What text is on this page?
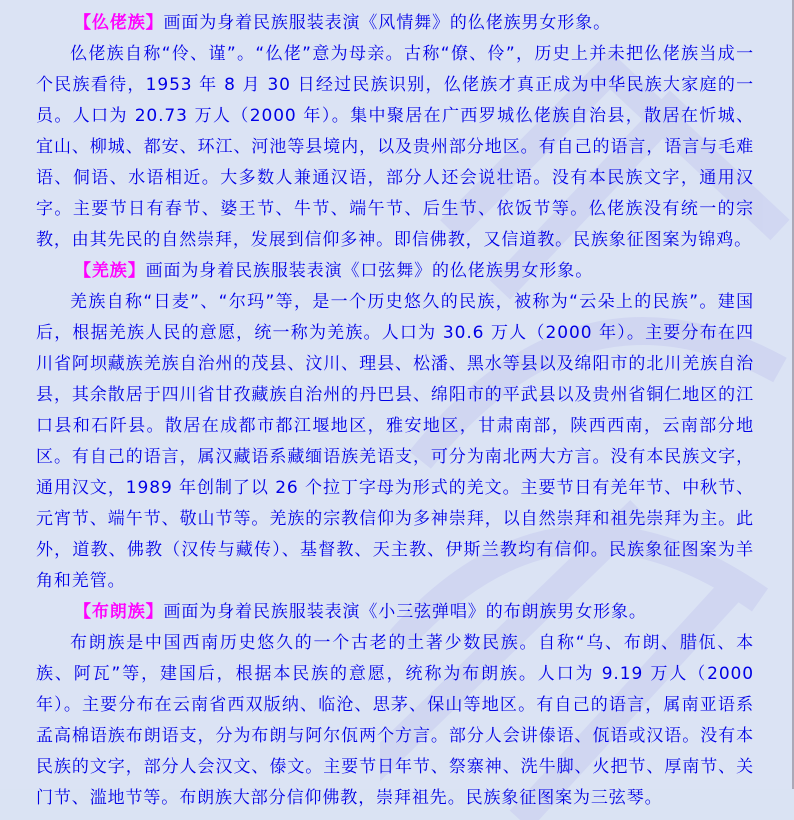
【仫佬族】画面为身着民族服装表演《风情舞》的仫佬族男女形象。

仫佬族自称“伶、谨”。“仫佬”意为母亲。古称“僚、伶”，历史上并未把仫佬族当成一个民族看待，1953 年 8 月 30 日经过民族识别，仫佬族才真正成为中华民族大家庭的一员。人口为 20.73 万人（2000 年）。集中聚居在广西罗城仫佬族自治县，散居在忻城、宜山、柳城、都安、环江、河池等县境内，以及贵州部分地区。有自己的语言，语言与毛难语、侗语、水语相近。大多数人兼通汉语，部分人还会说壮语。没有本民族文字，通用汉字。主要节日有春节、婆王节、牛节、端午节、后生节、依饭节等。仫佬族没有统一的宗教，由其先民的自然崇拜，发展到信仰多神。即信佛教，又信道教。民族象征图案为锦鸡。

【羌族】画面为身着民族服装表演《口弦舞》的仫佬族男女形象。

羌族自称“日麦”、“尔玛”等，是一个历史悠久的民族，被称为“云朵上的民族”。建国后，根据羌族人民的意愿，统一称为羌族。人口为 30.6 万人（2000 年）。主要分布在四川省阿坝藏族羌族自治州的茂县、汶川、理县、松潘、黑水等县以及绵阳市的北川羌族自治县，其余散居于四川省甘孜藏族自治州的丹巴县、绵阳市的平武县以及贵州省铜仁地区的江口县和石阡县。散居在成都市都江堰地区，雅安地区，甘肃南部，陕西西南，云南部分地区。有自己的语言，属汉藏语系藏缅语族羌语支，可分为南北两大方言。没有本民族文字，通用汉文，1989 年创制了以 26 个拉丁字母为形式的羌文。主要节日有羌年节、中秋节、元宵节、端午节、敬山节等。羌族的宗教信仰为多神崇拜，以自然崇拜和祖先崇拜为主。此外，道教、佛教（汉传与藏传）、基督教、天主教、伊斯兰教均有信仰。民族象征图案为羊角和羌管。

【布朗族】画面为身着民族服装表演《小三弦弹唱》的布朗族男女形象。

布朗族是中国西南历史悠久的一个古老的土著少数民族。自称“乌、布朗、腊佤、本族、阿瓦”等，建国后，根据本民族的意愿，统称为布朗族。人口为 9.19 万人（2000 年）。主要分布在云南省西双版纳、临沧、思茅、保山等地区。有自己的语言，属南亚语系孟高棉语族布朗语支，分为布朗与阿尔佤两个方言。部分人会讲傣语、佤语或汉语。没有本民族的文字，部分人会汉文、傣文。主要节日年节、祭寨神、洗牛脚、火把节、厚南节、关门节、滥地节等。布朗族大部分信仰佛教，崇拜祖先。民族象征图案为三弦琴。
